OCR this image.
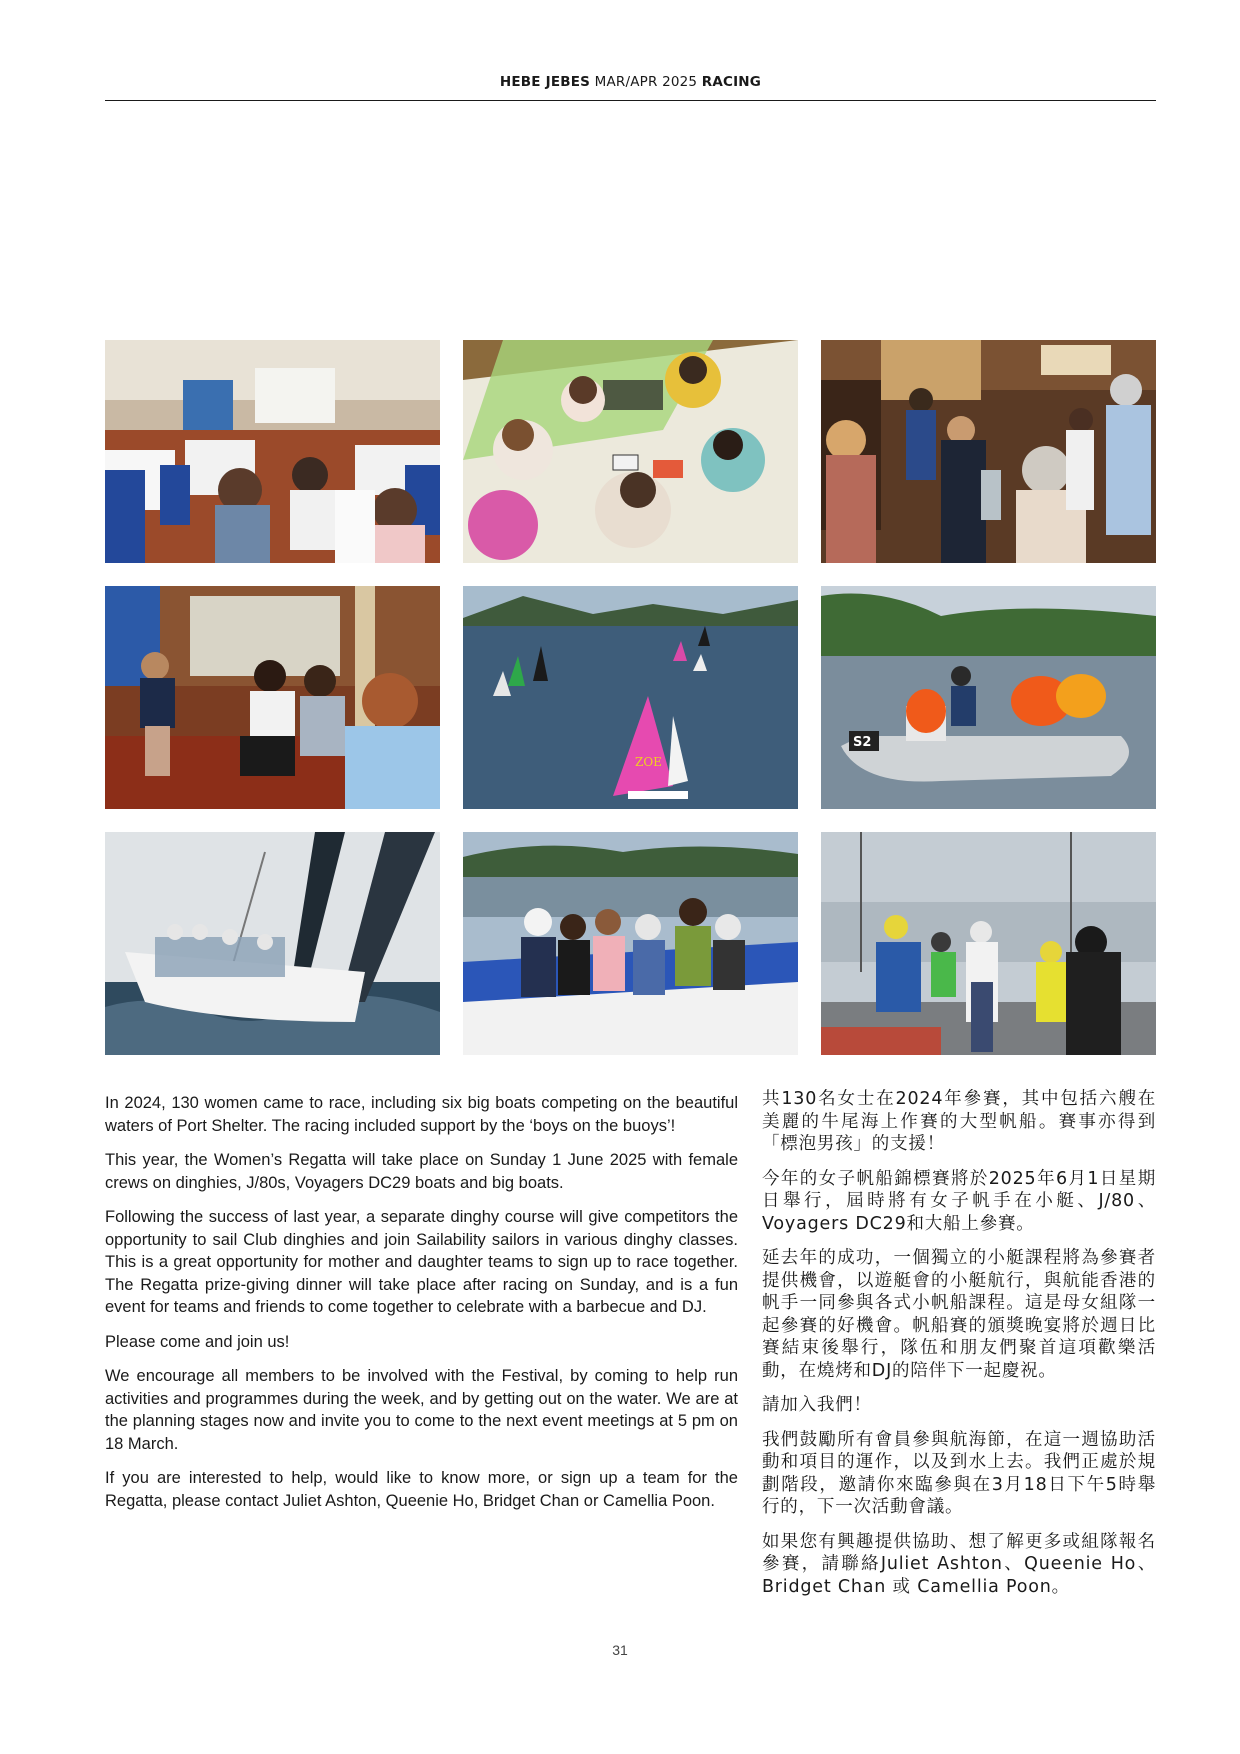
HEBE JEBES MAR/APR 2025 RACING
ZOE
S2

In 2024, 130 women came to race, including six big boats competing on the beautiful waters of Port Shelter. The racing included support by the ‘boys on the buoys’!

This year, the Women’s Regatta will take place on Sunday 1 June 2025 with female crews on dinghies, J/80s, Voyagers DC29 boats and big boats.

Following the success of last year, a separate dinghy course will give competitors the opportunity to sail Club dinghies and join Sailability sailors in various dinghy classes. This is a great opportunity for mother and daughter teams to sign up to race together. The Regatta prize-giving dinner will take place after racing on Sunday, and is a fun event for teams and friends to come together to celebrate with a barbecue and DJ.

Please come and join us!

We encourage all members to be involved with the Festival, by coming to help run activities and programmes during the week, and by getting out on the water. We are at the planning stages now and invite you to come to the next event meetings at 5 pm on 18 March.

If you are interested to help, would like to know more, or sign up a team for the Regatta, please contact Juliet Ashton, Queenie Ho, Bridget Chan or Camellia Poon.

共130名女士在2024年參賽，其中包括六艘在美麗的牛尾海上作賽的大型帆船。賽事亦得到「標泡男孩」的支援！

今年的女子帆船錦標賽將於2025年6月1日星期日舉行，屆時將有女子帆手在小艇、J/80、Voyagers DC29和大船上參賽。

延去年的成功，一個獨立的小艇課程將為參賽者提供機會，以遊艇會的小艇航行，與航能香港的帆手一同參與各式小帆船課程。這是母女組隊一起參賽的好機會。帆船賽的頒獎晚宴將於週日比賽結束後舉行，隊伍和朋友們聚首這項歡樂活動，在燒烤和DJ的陪伴下一起慶祝。

請加入我們！

我們鼓勵所有會員參與航海節，在這一週協助活動和項目的運作，以及到水上去。我們正處於規劃階段，邀請你來臨參與在3月18日下午5時舉行的，下一次活動會議。

如果您有興趣提供協助、想了解更多或組隊報名參賽，請聯絡Juliet Ashton、Queenie Ho、Bridget Chan 或 Camellia Poon。

31
